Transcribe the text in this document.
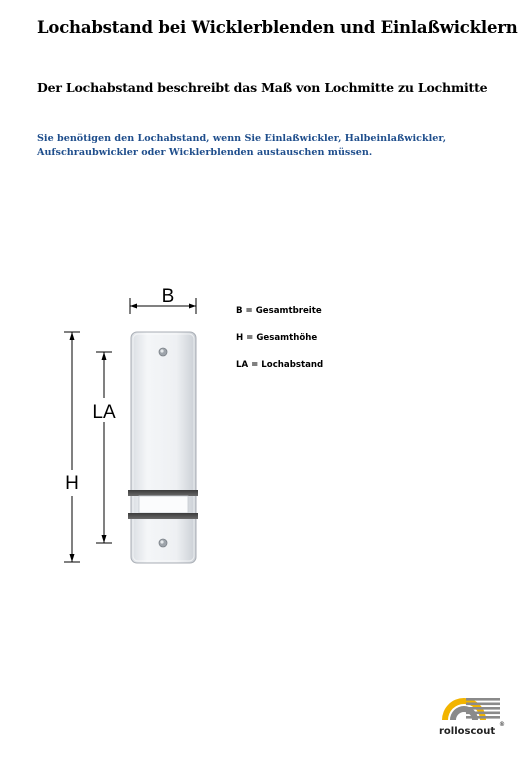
Lochabstand bei Wicklerblenden und Einlaßwicklern
Der Lochabstand beschreibt das Maß von Lochmitte zu Lochmitte
Sie benötigen den Lochabstand, wenn Sie Einlaßwickler, Halbeinlaßwickler,
Aufschraubwickler oder Wicklerblenden austauschen müssen.
B
H
LA
B = Gesamtbreite
H = Gesamthöhe
LA = Lochabstand
rolloscout
®
